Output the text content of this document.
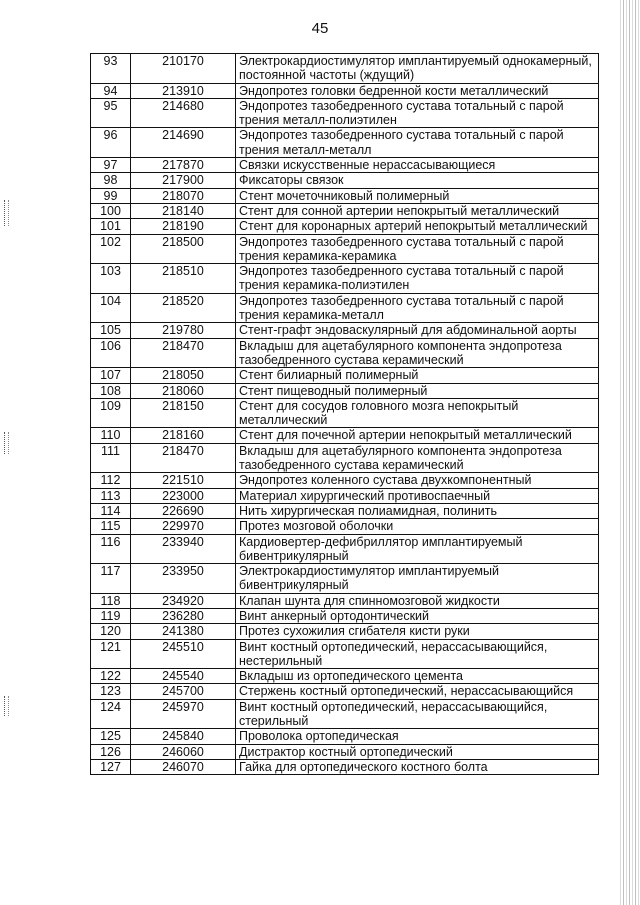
45
93	210170	Электрокардиостимулятор имплантируемый однокамерный, постоянной частоты (ждущий)
94	213910	Эндопротез головки бедренной кости металлический
95	214680	Эндопротез тазобедренного сустава тотальный с парой трения металл-полиэтилен
96	214690	Эндопротез тазобедренного сустава тотальный с парой трения металл-металл
97	217870	Связки искусственные нерассасывающиеся
98	217900	Фиксаторы связок
99	218070	Стент мочеточниковый полимерный
100	218140	Стент для сонной артерии непокрытый металлический
101	218190	Стент для коронарных артерий непокрытый металлический
102	218500	Эндопротез тазобедренного сустава тотальный с парой трения керамика-керамика
103	218510	Эндопротез тазобедренного сустава тотальный с парой трения керамика-полиэтилен
104	218520	Эндопротез тазобедренного сустава тотальный с парой трения керамика-металл
105	219780	Стент-графт эндоваскулярный для абдоминальной аорты
106	218470	Вкладыш для ацетабулярного компонента эндопротеза тазобедренного сустава керамический
107	218050	Стент билиарный полимерный
108	218060	Стент пищеводный полимерный
109	218150	Стент для сосудов головного мозга непокрытый металлический
110	218160	Стент для почечной артерии непокрытый металлический
111	218470	Вкладыш для ацетабулярного компонента эндопротеза тазобедренного сустава керамический
112	221510	Эндопротез коленного сустава двухкомпонентный
113	223000	Материал хирургический противоспаечный
114	226690	Нить хирургическая полиамидная, полинить
115	229970	Протез мозговой оболочки
116	233940	Кардиовертер-дефибриллятор имплантируемый бивентрикулярный
117	233950	Электрокардиостимулятор имплантируемый бивентрикулярный
118	234920	Клапан шунта для спинномозговой жидкости
119	236280	Винт анкерный ортодонтический
120	241380	Протез сухожилия сгибателя кисти руки
121	245510	Винт костный ортопедический, нерассасывающийся, нестерильный
122	245540	Вкладыш из ортопедического цемента
123	245700	Стержень костный ортопедический, нерассасывающийся
124	245970	Винт костный ортопедический, нерассасывающийся, стерильный
125	245840	Проволока ортопедическая
126	246060	Дистрактор костный ортопедический
127	246070	Гайка для ортопедического костного болта
